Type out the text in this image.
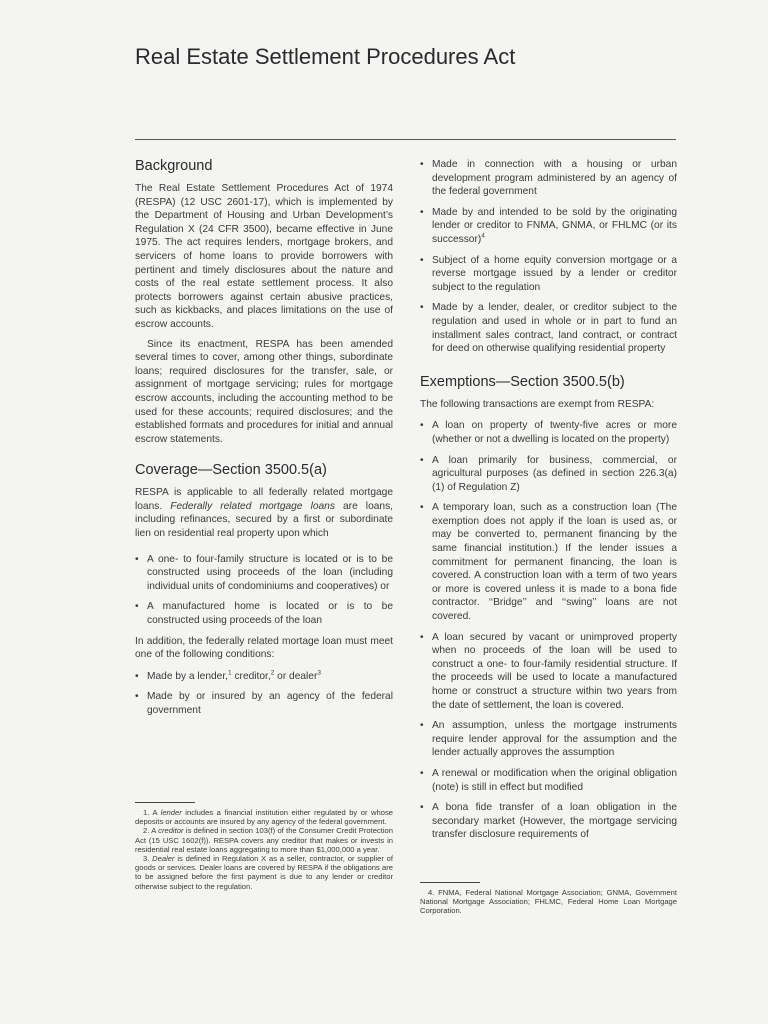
Real Estate Settlement Procedures Act
Background

The Real Estate Settlement Procedures Act of 1974 (RESPA) (12 USC 2601-17), which is implemented by the Department of Housing and Urban Development’s Regulation X (24 CFR 3500), became effective in June 1975. The act requires lenders, mortgage brokers, and servicers of home loans to provide borrowers with pertinent and timely disclosures about the nature and costs of the real estate settlement process. It also protects borrowers against certain abusive practices, such as kickbacks, and places limitations on the use of escrow accounts.

Since its enactment, RESPA has been amended several times to cover, among other things, subordinate loans; required disclosures for the transfer, sale, or assignment of mortgage servicing; rules for mortgage escrow accounts, including the accounting method to be used for these accounts; required disclosures; and the established formats and procedures for initial and annual escrow statements.

Coverage—Section 3500.5(a)

RESPA is applicable to all federally related mortgage loans. Federally related mortgage loans are loans, including refinances, secured by a first or subordinate lien on residential real property upon which

• A one- to four-family structure is located or is to be constructed using proceeds of the loan (including individual units of condominiums and cooperatives) or
• A manufactured home is located or is to be constructed using proceeds of the loan

In addition, the federally related mortage loan must meet one of the following conditions:

• Made by a lender,$^1$ creditor,$^2$ or dealer$^3$
• Made by or insured by an agency of the federal government
• Made in connection with a housing or urban development program administered by an agency of the federal government
• Made by and intended to be sold by the originating lender or creditor to FNMA, GNMA, or FHLMC (or its successor)$^4$
• Subject of a home equity conversion mortgage or a reverse mortgage issued by a lender or creditor subject to the regulation
• Made by a lender, dealer, or creditor subject to the regulation and used in whole or in part to fund an installment sales contract, land contract, or contract for deed on otherwise qualifying residential property
Exemptions—Section 3500.5(b)

The following transactions are exempt from RESPA:

• A loan on property of twenty-five acres or more (whether or not a dwelling is located on the property)
• A loan primarily for business, commercial, or agricultural purposes (as defined in section 226.3(a)(1) of Regulation Z)
• A temporary loan, such as a construction loan (The exemption does not apply if the loan is used as, or may be converted to, permanent financing by the same financial institution.) If the lender issues a commitment for permanent financing, the loan is covered. A construction loan with a term of two years or more is covered unless it is made to a bona fide contractor. ‘‘Bridge’’ and ‘‘swing’’ loans are not covered.
• A loan secured by vacant or unimproved property when no proceeds of the loan will be used to construct a one- to four-family residential structure. If the proceeds will be used to locate a manufactured home or construct a structure within two years from the date of settlement, the loan is covered.
• An assumption, unless the mortgage instruments require lender approval for the assumption and the lender actually approves the assumption
• A renewal or modification when the original obligation (note) is still in effect but modified
• A bona fide transfer of a loan obligation in the secondary market (However, the mortgage servicing transfer disclosure requirements of

1. A lender includes a financial institution either regulated by or whose deposits or accounts are insured by any agency of the federal government.

2. A creditor is defined in section 103(f) of the Consumer Credit Protection Act (15 USC 1602(f)). RESPA covers any creditor that makes or invests in residential real estate loans aggregating to more than $1,000,000 a year.

3. Dealer is defined in Regulation X as a seller, contractor, or supplier of goods or services. Dealer loans are covered by RESPA if the obligations are to be assigned before the first payment is due to any lender or creditor otherwise subject to the regulation.

4. FNMA, Federal National Mortgage Association; GNMA, Government National Mortgage Association; FHLMC, Federal Home Loan Mortgage Corporation.
